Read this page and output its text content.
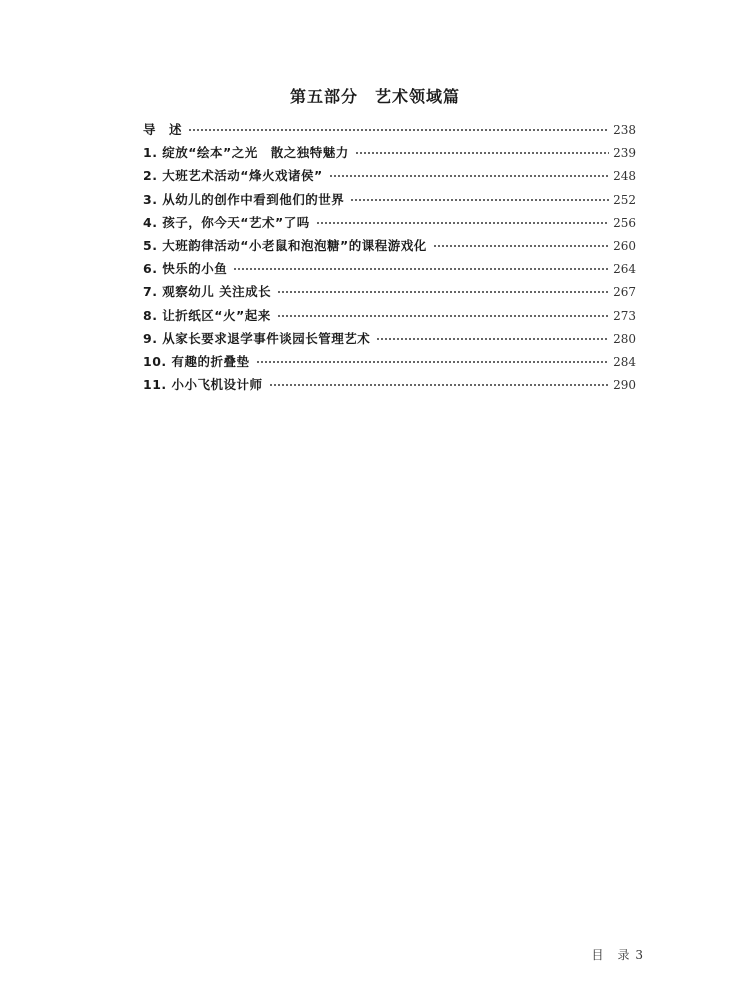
第五部分　艺术领域篇
导　述	238
1. 绽放“绘本”之光　散之独特魅力	239
2. 大班艺术活动“烽火戏诸侯”	248
3. 从幼儿的创作中看到他们的世界	252
4. 孩子，你今天“艺术”了吗	256
5. 大班韵律活动“小老鼠和泡泡糖”的课程游戏化	260
6. 快乐的小鱼	264
7. 观察幼儿 关注成长	267
8. 让折纸区“火”起来	273
9. 从家长要求退学事件谈园长管理艺术	280
10. 有趣的折叠垫	284
11. 小小飞机设计师	290
目　录 3
